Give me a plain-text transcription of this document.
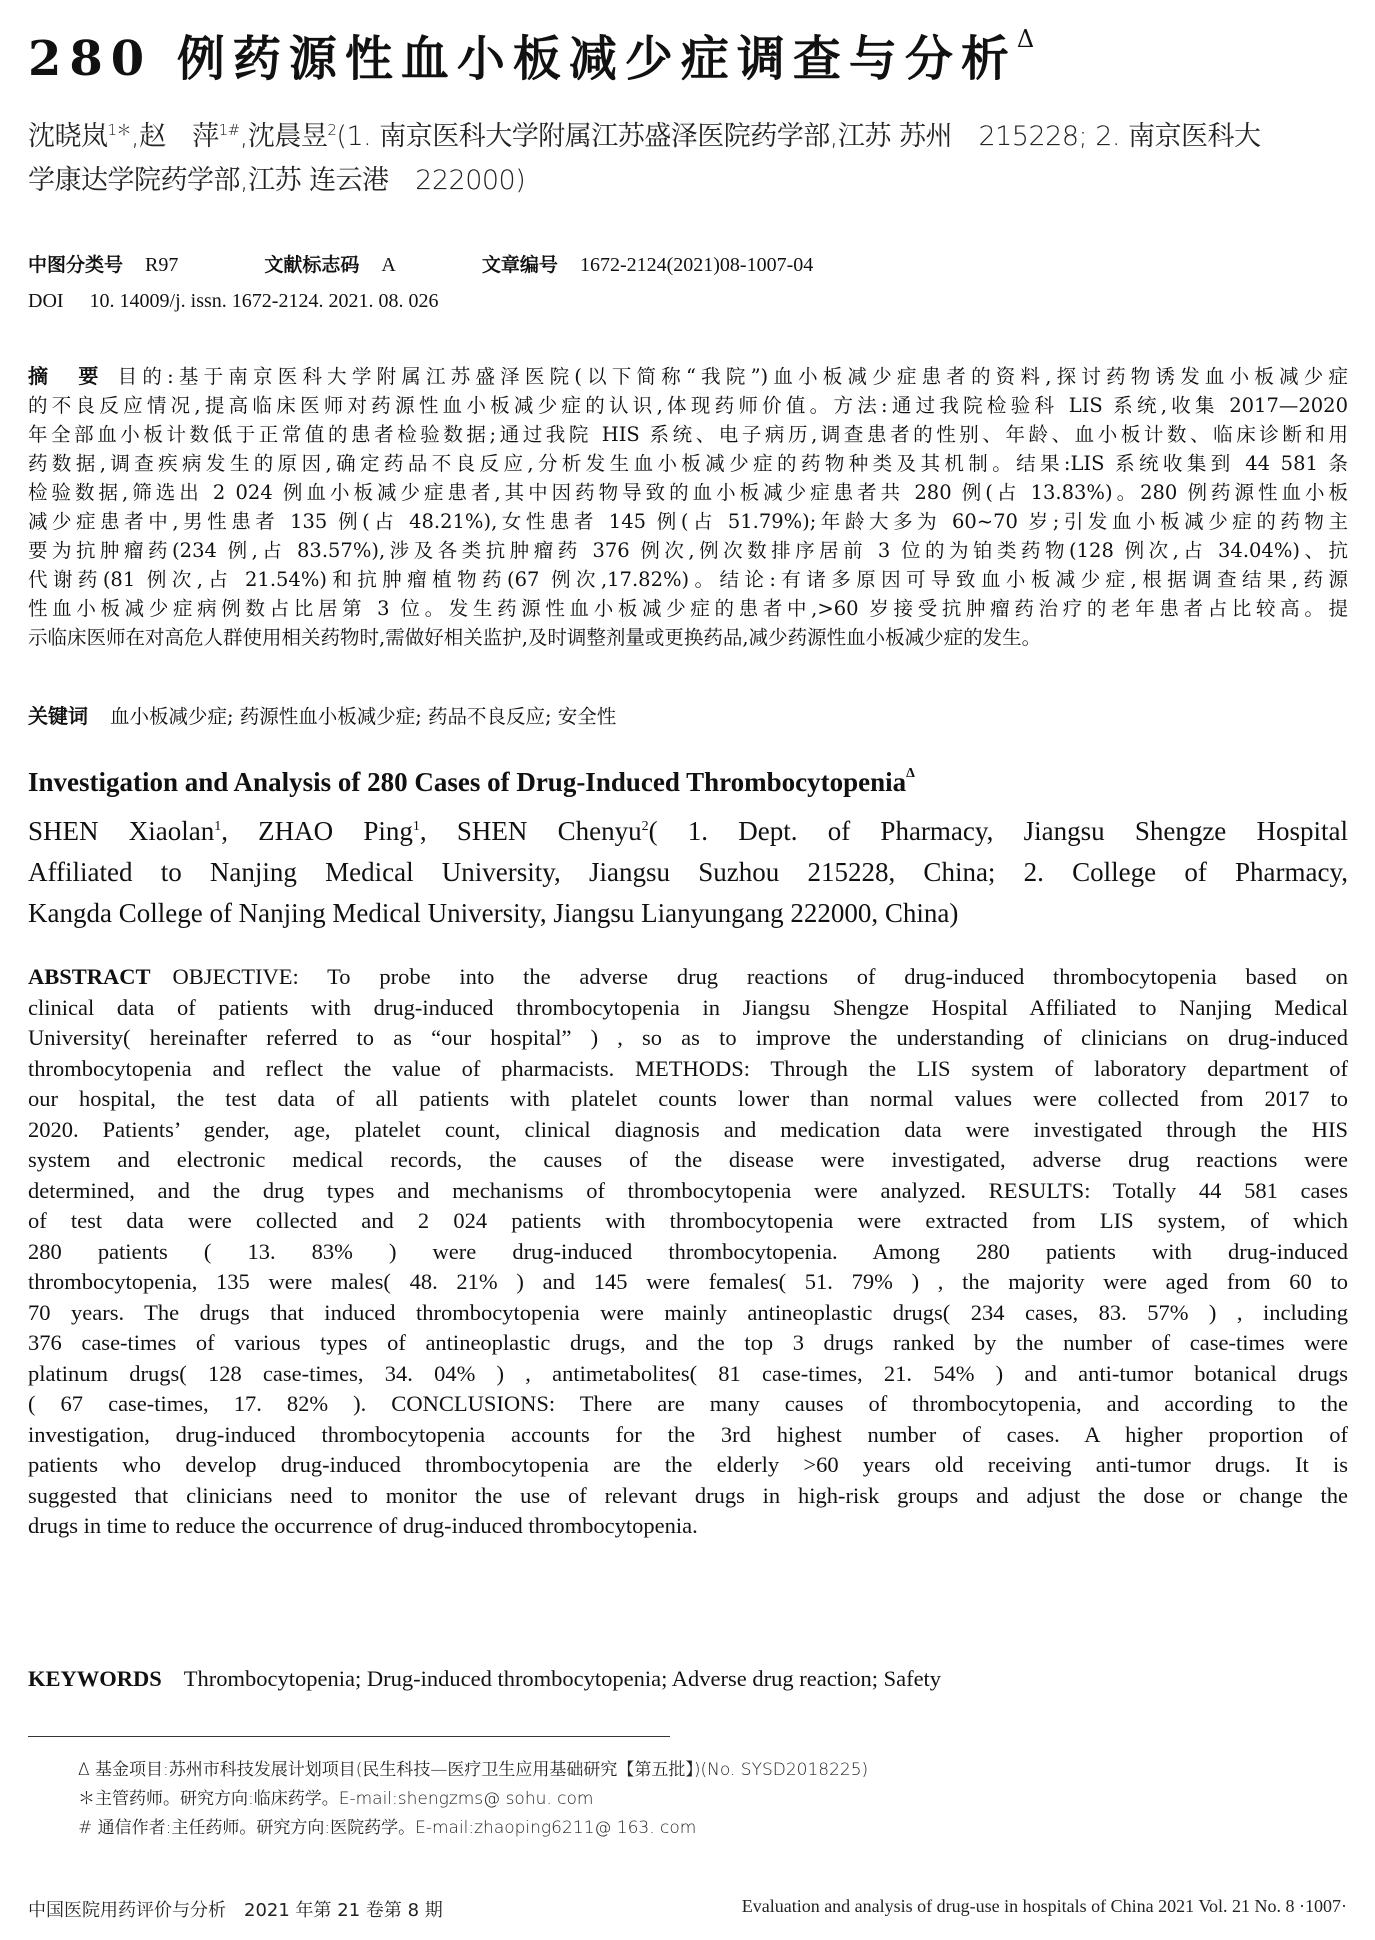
280 例药源性血小板减少症调查与分析$^\Delta$
沈晓岚$^{1*}$,赵　萍$^{1\#}$,沈晨昱$^2$(1. 南京医科大学附属江苏盛泽医院药学部,江苏 苏州　215228; 2. 南京医科大
学康达学院药学部,江苏 连云港　222000)
中图分类号 R97	文献标志码 A	文章编号 1672-2124(2021)08-1007-04
DOI 10. 14009/j. issn. 1672-2124. 2021. 08. 026
摘　要 目的:基于南京医科大学附属江苏盛泽医院(以下简称“我院”)血小板减少症患者的资料,探讨药物诱发血小板减少症
的不良反应情况,提高临床医师对药源性血小板减少症的认识,体现药师价值。方法:通过我院检验科 LIS 系统,收集 2017—2020
年全部血小板计数低于正常值的患者检验数据;通过我院 HIS 系统、电子病历,调查患者的性别、年龄、血小板计数、临床诊断和用
药数据,调查疾病发生的原因,确定药品不良反应,分析发生血小板减少症的药物种类及其机制。结果:LIS 系统收集到 44 581 条
检验数据,筛选出 2 024 例血小板减少症患者,其中因药物导致的血小板减少症患者共 280 例(占 13.83%)。280 例药源性血小板
减少症患者中,男性患者 135 例(占 48.21%),女性患者 145 例(占 51.79%);年龄大多为 60~70 岁;引发血小板减少症的药物主
要为抗肿瘤药(234 例,占 83.57%),涉及各类抗肿瘤药 376 例次,例次数排序居前 3 位的为铂类药物(128 例次,占 34.04%)、抗
代谢药(81 例次,占 21.54%)和抗肿瘤植物药(67 例次,17.82%)。结论:有诸多原因可导致血小板减少症,根据调查结果,药源
性血小板减少症病例数占比居第 3 位。发生药源性血小板减少症的患者中,>60 岁接受抗肿瘤药治疗的老年患者占比较高。提
示临床医师在对高危人群使用相关药物时,需做好相关监护,及时调整剂量或更换药品,减少药源性血小板减少症的发生。
关键词 血小板减少症; 药源性血小板减少症; 药品不良反应; 安全性
Investigation and Analysis of 280 Cases of Drug-Induced Thrombocytopenia$^\Delta$
SHEN Xiaolan$^1$, ZHAO Ping$^1$, SHEN Chenyu$^2$( 1. Dept. of Pharmacy, Jiangsu Shengze Hospital
Affiliated to Nanjing Medical University, Jiangsu Suzhou 215228, China; 2. College of Pharmacy,
Kangda College of Nanjing Medical University, Jiangsu Lianyungang 222000, China)
ABSTRACT OBJECTIVE: To probe into the adverse drug reactions of drug-induced thrombocytopenia based on
clinical data of patients with drug-induced thrombocytopenia in Jiangsu Shengze Hospital Affiliated to Nanjing Medical
University( hereinafter referred to as “our hospital” ) , so as to improve the understanding of clinicians on drug-induced
thrombocytopenia and reflect the value of pharmacists. METHODS: Through the LIS system of laboratory department of
our hospital, the test data of all patients with platelet counts lower than normal values were collected from 2017 to
2020. Patients’ gender, age, platelet count, clinical diagnosis and medication data were investigated through the HIS
system and electronic medical records, the causes of the disease were investigated, adverse drug reactions were
determined, and the drug types and mechanisms of thrombocytopenia were analyzed. RESULTS: Totally 44 581 cases
of test data were collected and 2 024 patients with thrombocytopenia were extracted from LIS system, of which
280 patients ( 13. 83% ) were drug-induced thrombocytopenia. Among 280 patients with drug-induced
thrombocytopenia, 135 were males( 48. 21% ) and 145 were females( 51. 79% ) , the majority were aged from 60 to
70 years. The drugs that induced thrombocytopenia were mainly antineoplastic drugs( 234 cases, 83. 57% ) , including
376 case-times of various types of antineoplastic drugs, and the top 3 drugs ranked by the number of case-times were
platinum drugs( 128 case-times, 34. 04% ) , antimetabolites( 81 case-times, 21. 54% ) and anti-tumor botanical drugs
( 67 case-times, 17. 82% ). CONCLUSIONS: There are many causes of thrombocytopenia, and according to the
investigation, drug-induced thrombocytopenia accounts for the 3rd highest number of cases. A higher proportion of
patients who develop drug-induced thrombocytopenia are the elderly >60 years old receiving anti-tumor drugs. It is
suggested that clinicians need to monitor the use of relevant drugs in high-risk groups and adjust the dose or change the
drugs in time to reduce the occurrence of drug-induced thrombocytopenia.
KEYWORDS Thrombocytopenia; Drug-induced thrombocytopenia; Adverse drug reaction; Safety
Δ 基金项目:苏州市科技发展计划项目(民生科技—医疗卫生应用基础研究【第五批】)(No. SYSD2018225)
＊主管药师。研究方向:临床药学。E-mail:shengzms@ sohu. com
# 通信作者:主任药师。研究方向:医院药学。E-mail:zhaoping6211@ 163. com
中国医院用药评价与分析　2021 年第 21 卷第 8 期	Evaluation and analysis of drug-use in hospitals of China 2021 Vol. 21 No. 8 ·1007·
